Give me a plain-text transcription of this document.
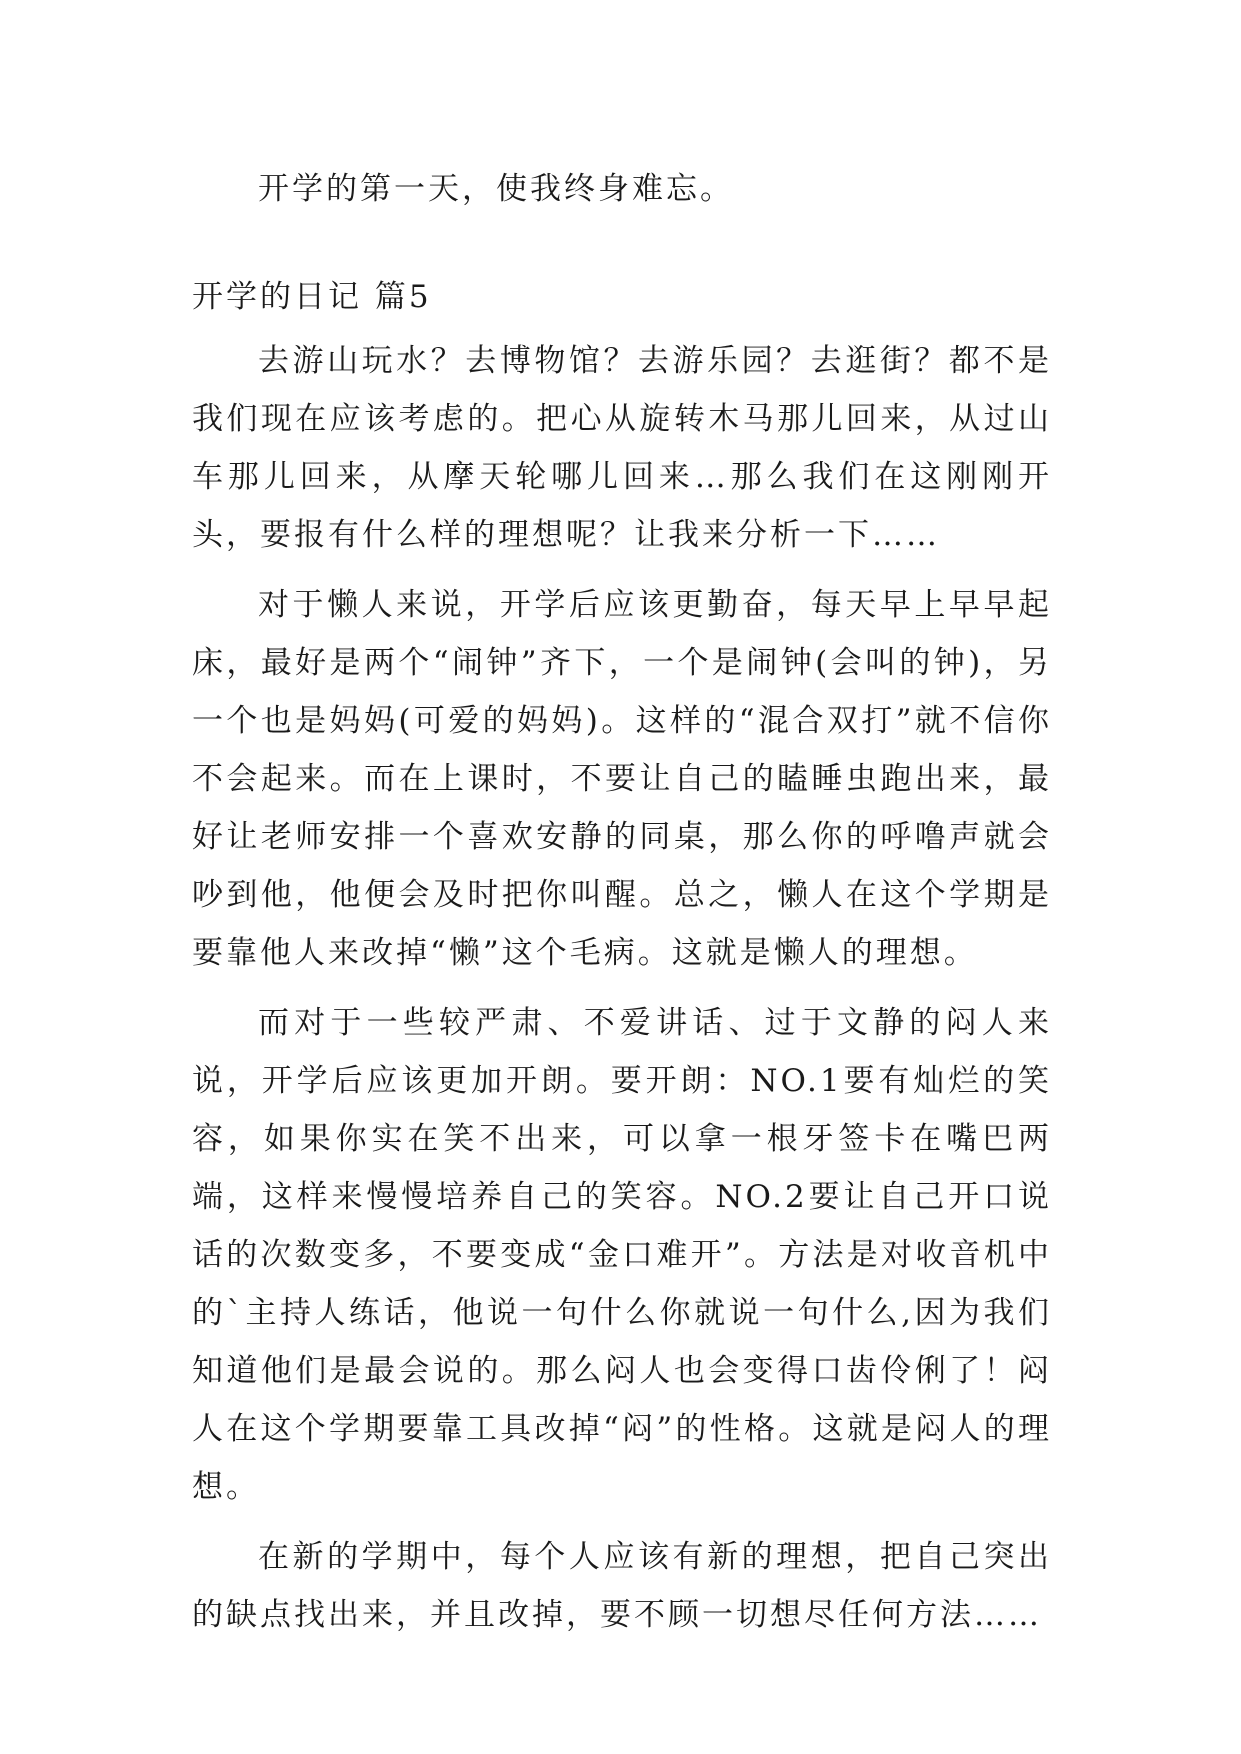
开学的第一天，使我终身难忘。

开学的日记 篇5

去游山玩水？去博物馆？去游乐园？去逛街？都不是我们现在应该考虑的。把心从旋转木马那儿回来，从过山车那儿回来，从摩天轮哪儿回来…那么我们在这刚刚开头，要报有什么样的理想呢？让我来分析一下……

对于懒人来说，开学后应该更勤奋，每天早上早早起床，最好是两个“闹钟”齐下，一个是闹钟(会叫的钟)，另一个也是妈妈(可爱的妈妈)。这样的“混合双打”就不信你不会起来。而在上课时，不要让自己的瞌睡虫跑出来，最好让老师安排一个喜欢安静的同桌，那么你的呼噜声就会吵到他，他便会及时把你叫醒。总之，懒人在这个学期是要靠他人来改掉“懒”这个毛病。这就是懒人的理想。

而对于一些较严肃、不爱讲话、过于文静的闷人来说，开学后应该更加开朗。要开朗：NO.1要有灿烂的笑容，如果你实在笑不出来，可以拿一根牙签卡在嘴巴两端，这样来慢慢培养自己的笑容。NO.2要让自己开口说话的次数变多，不要变成“金口难开”。方法是对收音机中的`主持人练话，他说一句什么你就说一句什么,因为我们知道他们是最会说的。那么闷人也会变得口齿伶俐了！闷人在这个学期要靠工具改掉“闷”的性格。这就是闷人的理想。

在新的学期中，每个人应该有新的理想，把自己突出的缺点找出来，并且改掉，要不顾一切想尽任何方法……
